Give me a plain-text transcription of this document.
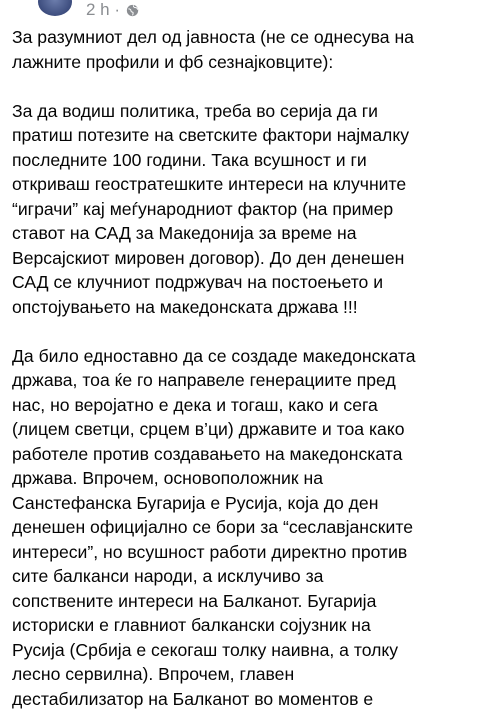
2 h ·

За разумниот дел од јавноста (не се однесува на
лажните профили и фб сезнајковците):

За да водиш политика, треба во серија да ги
пратиш потезите на светските фактори најмалку
последните 100 години. Така всушност и ги
откриваш геостратешките интереси на клучните
“играчи” кај меѓународниот фактор (на пример
ставот на САД за Македонија за време на
Версајскиот мировен договор). До ден денешен
САД се клучниот подржувач на постоењето и
опстојувањето на македонската држава !!!

Да било едноставно да се создаде македонската
држава, тоа ќе го направеле генерациите пред
нас, но веројатно е дека и тогаш, како и сега
(лицем светци, срцем в’ци) државите и тоа како
работеле против создавањето на македонската
држава. Впрочем, основоположник на
Санстефанска Бугарија е Русија, која до ден
денешен официјално се бори за “сеславјанските
интереси”, но всушност работи директно против
сите балканси народи, а исклучиво за
сопствените интереси на Балканот. Бугарија
историски е главниот балкански сојузник на
Русија (Србија е секогаш толку наивна, а толку
лесно сервилна). Впрочем, главен
дестабилизатор на Балканот во моментов е
